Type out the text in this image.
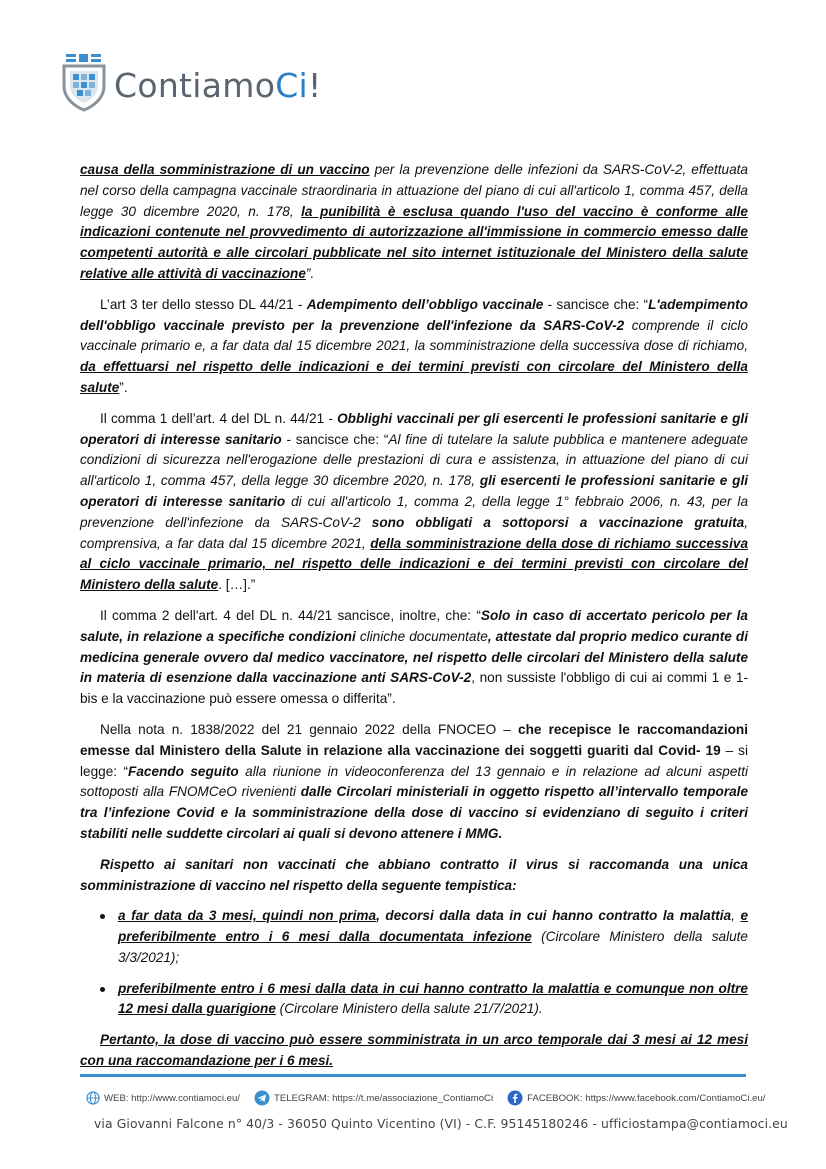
ContiamoCi!

causa della somministrazione di un vaccino per la prevenzione delle infezioni da SARS-CoV-2, effettuata nel corso della campagna vaccinale straordinaria in attuazione del piano di cui all'articolo 1, comma 457, della legge 30 dicembre 2020, n. 178, la punibilità è esclusa quando l'uso del vaccino è conforme alle indicazioni contenute nel provvedimento di autorizzazione all'immissione in commercio emesso dalle competenti autorità e alle circolari pubblicate nel sito internet istituzionale del Ministero della salute relative alle attività di vaccinazione”.

L’art 3 ter dello stesso DL 44/21 - Adempimento dell’obbligo vaccinale - sancisce che: “L'adempimento dell'obbligo vaccinale previsto per la prevenzione dell'infezione da SARS-CoV-2 comprende il ciclo vaccinale primario e, a far data dal 15 dicembre 2021, la somministrazione della successiva dose di richiamo, da effettuarsi nel rispetto delle indicazioni e dei termini previsti con circolare del Ministero della salute”.

Il comma 1 dell’art. 4 del DL n. 44/21 - Obblighi vaccinali per gli esercenti le professioni sanitarie e gli operatori di interesse sanitario - sancisce che: “Al fine di tutelare la salute pubblica e mantenere adeguate condizioni di sicurezza nell'erogazione delle prestazioni di cura e assistenza, in attuazione del piano di cui all'articolo 1, comma 457, della legge 30 dicembre 2020, n. 178, gli esercenti le professioni sanitarie e gli operatori di interesse sanitario di cui all'articolo 1, comma 2, della legge 1° febbraio 2006, n. 43, per la prevenzione dell'infezione da SARS-CoV-2 sono obbligati a sottoporsi a vaccinazione gratuita, comprensiva, a far data dal 15 dicembre 2021, della somministrazione della dose di richiamo successiva al ciclo vaccinale primario, nel rispetto delle indicazioni e dei termini previsti con circolare del Ministero della salute. […].”

Il comma 2 dell'art. 4 del DL n. 44/21 sancisce, inoltre, che: “Solo in caso di accertato pericolo per la salute, in relazione a specifiche condizioni cliniche documentate, attestate dal proprio medico curante di medicina generale ovvero dal medico vaccinatore, nel rispetto delle circolari del Ministero della salute in materia di esenzione dalla vaccinazione anti SARS-CoV-2, non sussiste l'obbligo di cui ai commi 1 e 1-bis e la vaccinazione può essere omessa o differita”.

Nella nota n. 1838/2022 del 21 gennaio 2022 della FNOCEO – che recepisce le raccomandazioni emesse dal Ministero della Salute in relazione alla vaccinazione dei soggetti guariti dal Covid- 19 – si legge: “Facendo seguito alla riunione in videoconferenza del 13 gennaio e in relazione ad alcuni aspetti sottoposti alla FNOMCeO rivenienti dalle Circolari ministeriali in oggetto rispetto all’intervallo temporale tra l’infezione Covid e la somministrazione della dose di vaccino si evidenziano di seguito i criteri stabiliti nelle suddette circolari ai quali si devono attenere i MMG.

Rispetto ai sanitari non vaccinati che abbiano contratto il virus si raccomanda una unica somministrazione di vaccino nel rispetto della seguente tempistica:

a far data da 3 mesi, quindi non prima, decorsi dalla data in cui hanno contratto la malattia, e preferibilmente entro i 6 mesi dalla documentata infezione (Circolare Ministero della salute 3/3/2021);
preferibilmente entro i 6 mesi dalla data in cui hanno contratto la malattia e comunque non oltre 12 mesi dalla guarigione (Circolare Ministero della salute 21/7/2021).

Pertanto, la dose di vaccino può essere somministrata in un arco temporale dai 3 mesi ai 12 mesi con una raccomandazione per i 6 mesi.

WEB: http://www.contiamoci.eu/	TELEGRAM: https://t.me/associazione_ContiamoCi	FACEBOOK: https://www.facebook.com/ContiamoCi.eu/
via Giovanni Falcone n° 40/3 - 36050 Quinto Vicentino (VI) - C.F. 95145180246 - ufficiostampa@contiamoci.eu
